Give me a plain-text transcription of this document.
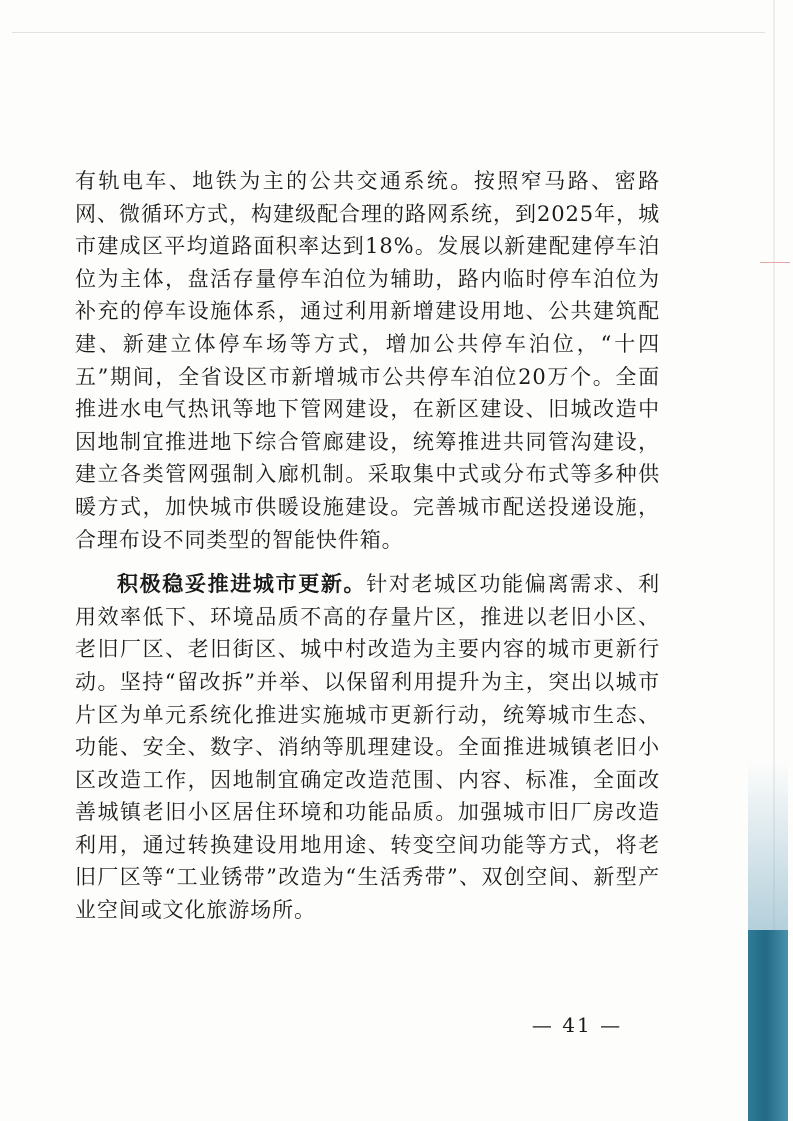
有轨电车、地铁为主的公共交通系统。按照窄马路、密路网、微循环方式，构建级配合理的路网系统，到2025年，城市建成区平均道路面积率达到18%。发展以新建配建停车泊位为主体，盘活存量停车泊位为辅助，路内临时停车泊位为补充的停车设施体系，通过利用新增建设用地、公共建筑配建、新建立体停车场等方式，增加公共停车泊位，“十四五”期间，全省设区市新增城市公共停车泊位20万个。全面推进水电气热讯等地下管网建设，在新区建设、旧城改造中因地制宜推进地下综合管廊建设，统筹推进共同管沟建设，建立各类管网强制入廊机制。采取集中式或分布式等多种供暖方式，加快城市供暖设施建设。完善城市配送投递设施，合理布设不同类型的智能快件箱。

积极稳妥推进城市更新。针对老城区功能偏离需求、利用效率低下、环境品质不高的存量片区，推进以老旧小区、老旧厂区、老旧街区、城中村改造为主要内容的城市更新行动。坚持“留改拆”并举、以保留利用提升为主，突出以城市片区为单元系统化推进实施城市更新行动，统筹城市生态、功能、安全、数字、消纳等肌理建设。全面推进城镇老旧小区改造工作，因地制宜确定改造范围、内容、标准，全面改善城镇老旧小区居住环境和功能品质。加强城市旧厂房改造利用，通过转换建设用地用途、转变空间功能等方式，将老旧厂区等“工业锈带”改造为“生活秀带”、双创空间、新型产业空间或文化旅游场所。

— 41 —
